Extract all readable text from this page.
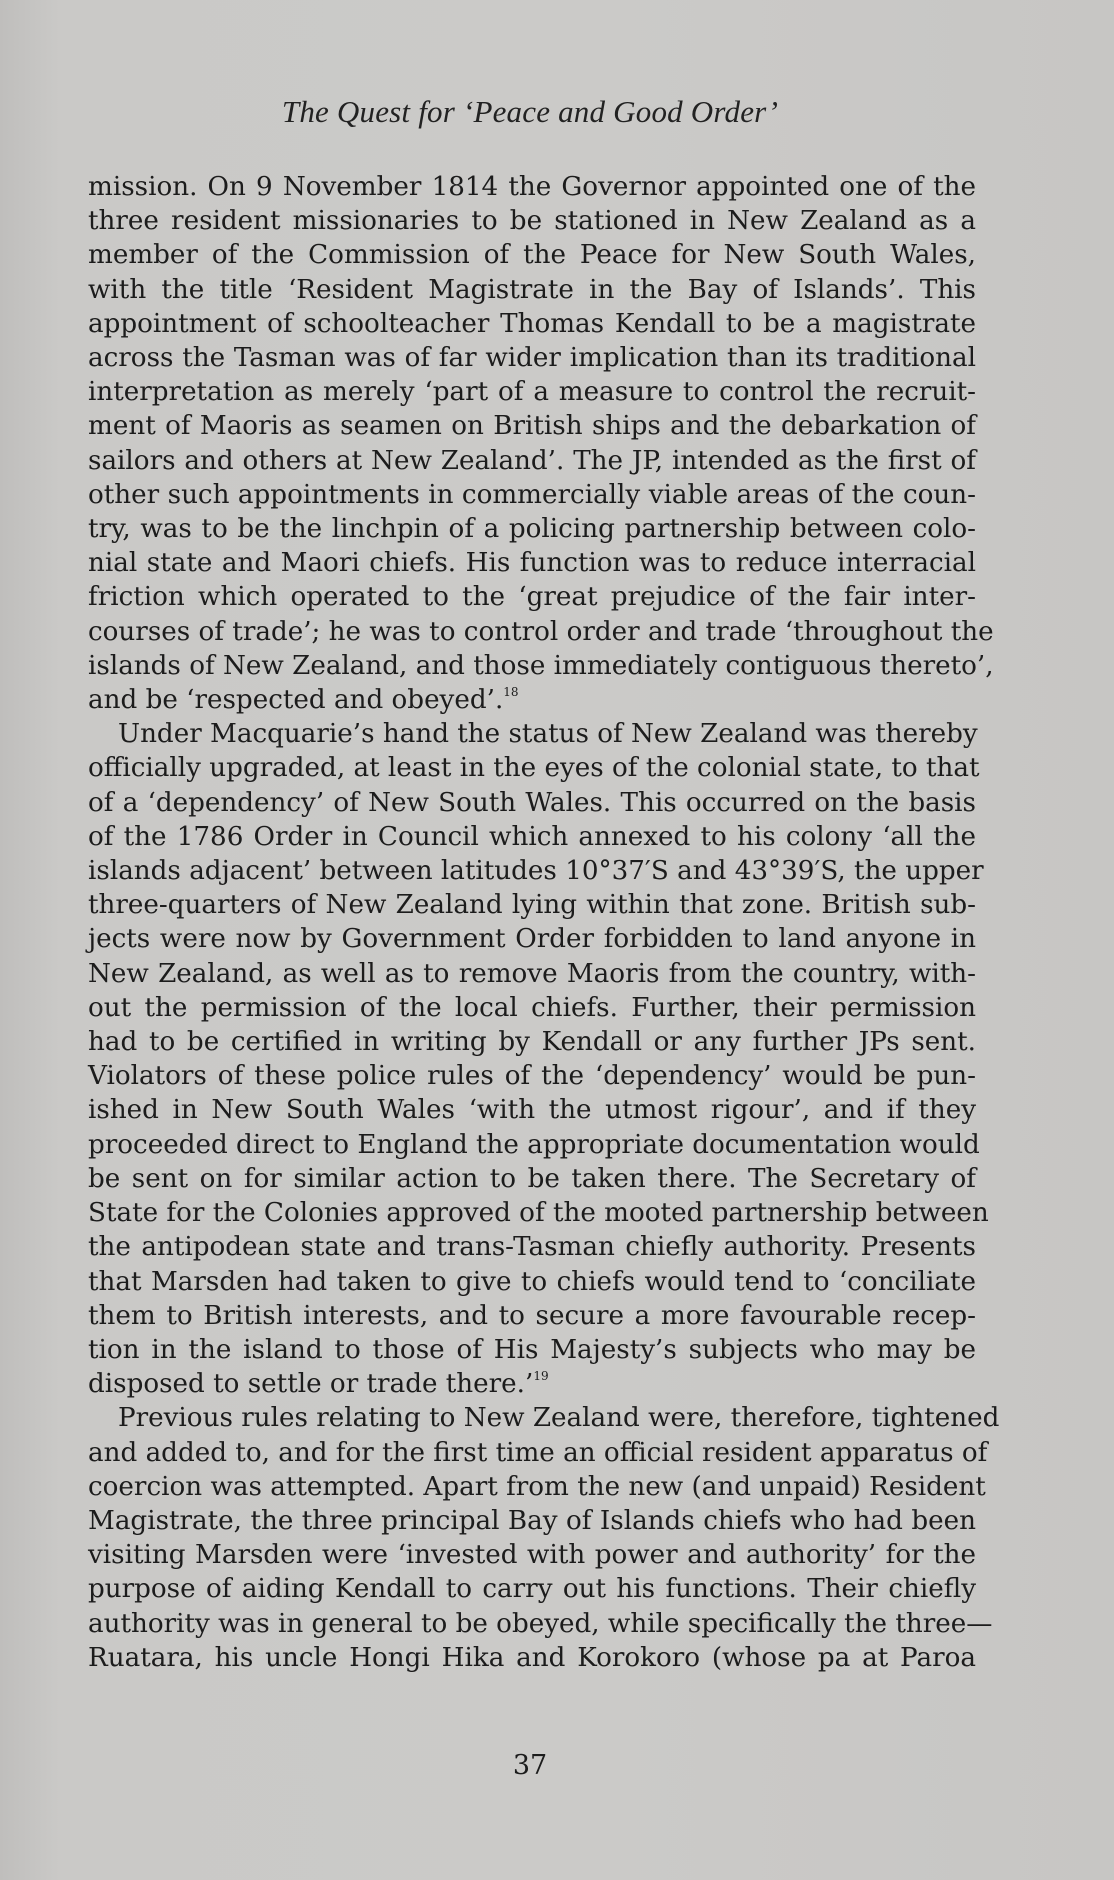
The Quest for ‘Peace and Good Order’

mission. On 9 November 1814 the Governor appointed one of the
three resident missionaries to be stationed in New Zealand as a
member of the Commission of the Peace for New South Wales,
with the title ‘Resident Magistrate in the Bay of Islands’. This
appointment of schoolteacher Thomas Kendall to be a magistrate
across the Tasman was of far wider implication than its traditional
interpretation as merely ‘part of a measure to control the recruit-
ment of Maoris as seamen on British ships and the debarkation of
sailors and others at New Zealand’. The JP, intended as the first of
other such appointments in commercially viable areas of the coun-
try, was to be the linchpin of a policing partnership between colo-
nial state and Maori chiefs. His function was to reduce interracial
friction which operated to the ‘great prejudice of the fair inter-
courses of trade’; he was to control order and trade ‘throughout the
islands of New Zealand, and those immediately contiguous thereto’,
and be ‘respected and obeyed’.$^{18}$

Under Macquarie’s hand the status of New Zealand was thereby
officially upgraded, at least in the eyes of the colonial state, to that
of a ‘dependency’ of New South Wales. This occurred on the basis
of the 1786 Order in Council which annexed to his colony ‘all the
islands adjacent’ between latitudes 10°37′S and 43°39′S, the upper
three-quarters of New Zealand lying within that zone. British sub-
jects were now by Government Order forbidden to land anyone in
New Zealand, as well as to remove Maoris from the country, with-
out the permission of the local chiefs. Further, their permission
had to be certified in writing by Kendall or any further JPs sent.
Violators of these police rules of the ‘dependency’ would be pun-
ished in New South Wales ‘with the utmost rigour’, and if they
proceeded direct to England the appropriate documentation would
be sent on for similar action to be taken there. The Secretary of
State for the Colonies approved of the mooted partnership between
the antipodean state and trans-Tasman chiefly authority. Presents
that Marsden had taken to give to chiefs would tend to ‘conciliate
them to British interests, and to secure a more favourable recep-
tion in the island to those of His Majesty’s subjects who may be
disposed to settle or trade there.’$^{19}$

Previous rules relating to New Zealand were, therefore, tightened
and added to, and for the first time an official resident apparatus of
coercion was attempted. Apart from the new (and unpaid) Resident
Magistrate, the three principal Bay of Islands chiefs who had been
visiting Marsden were ‘invested with power and authority’ for the
purpose of aiding Kendall to carry out his functions. Their chiefly
authority was in general to be obeyed, while specifically the three—
Ruatara, his uncle Hongi Hika and Korokoro (whose pa at Paroa

37
